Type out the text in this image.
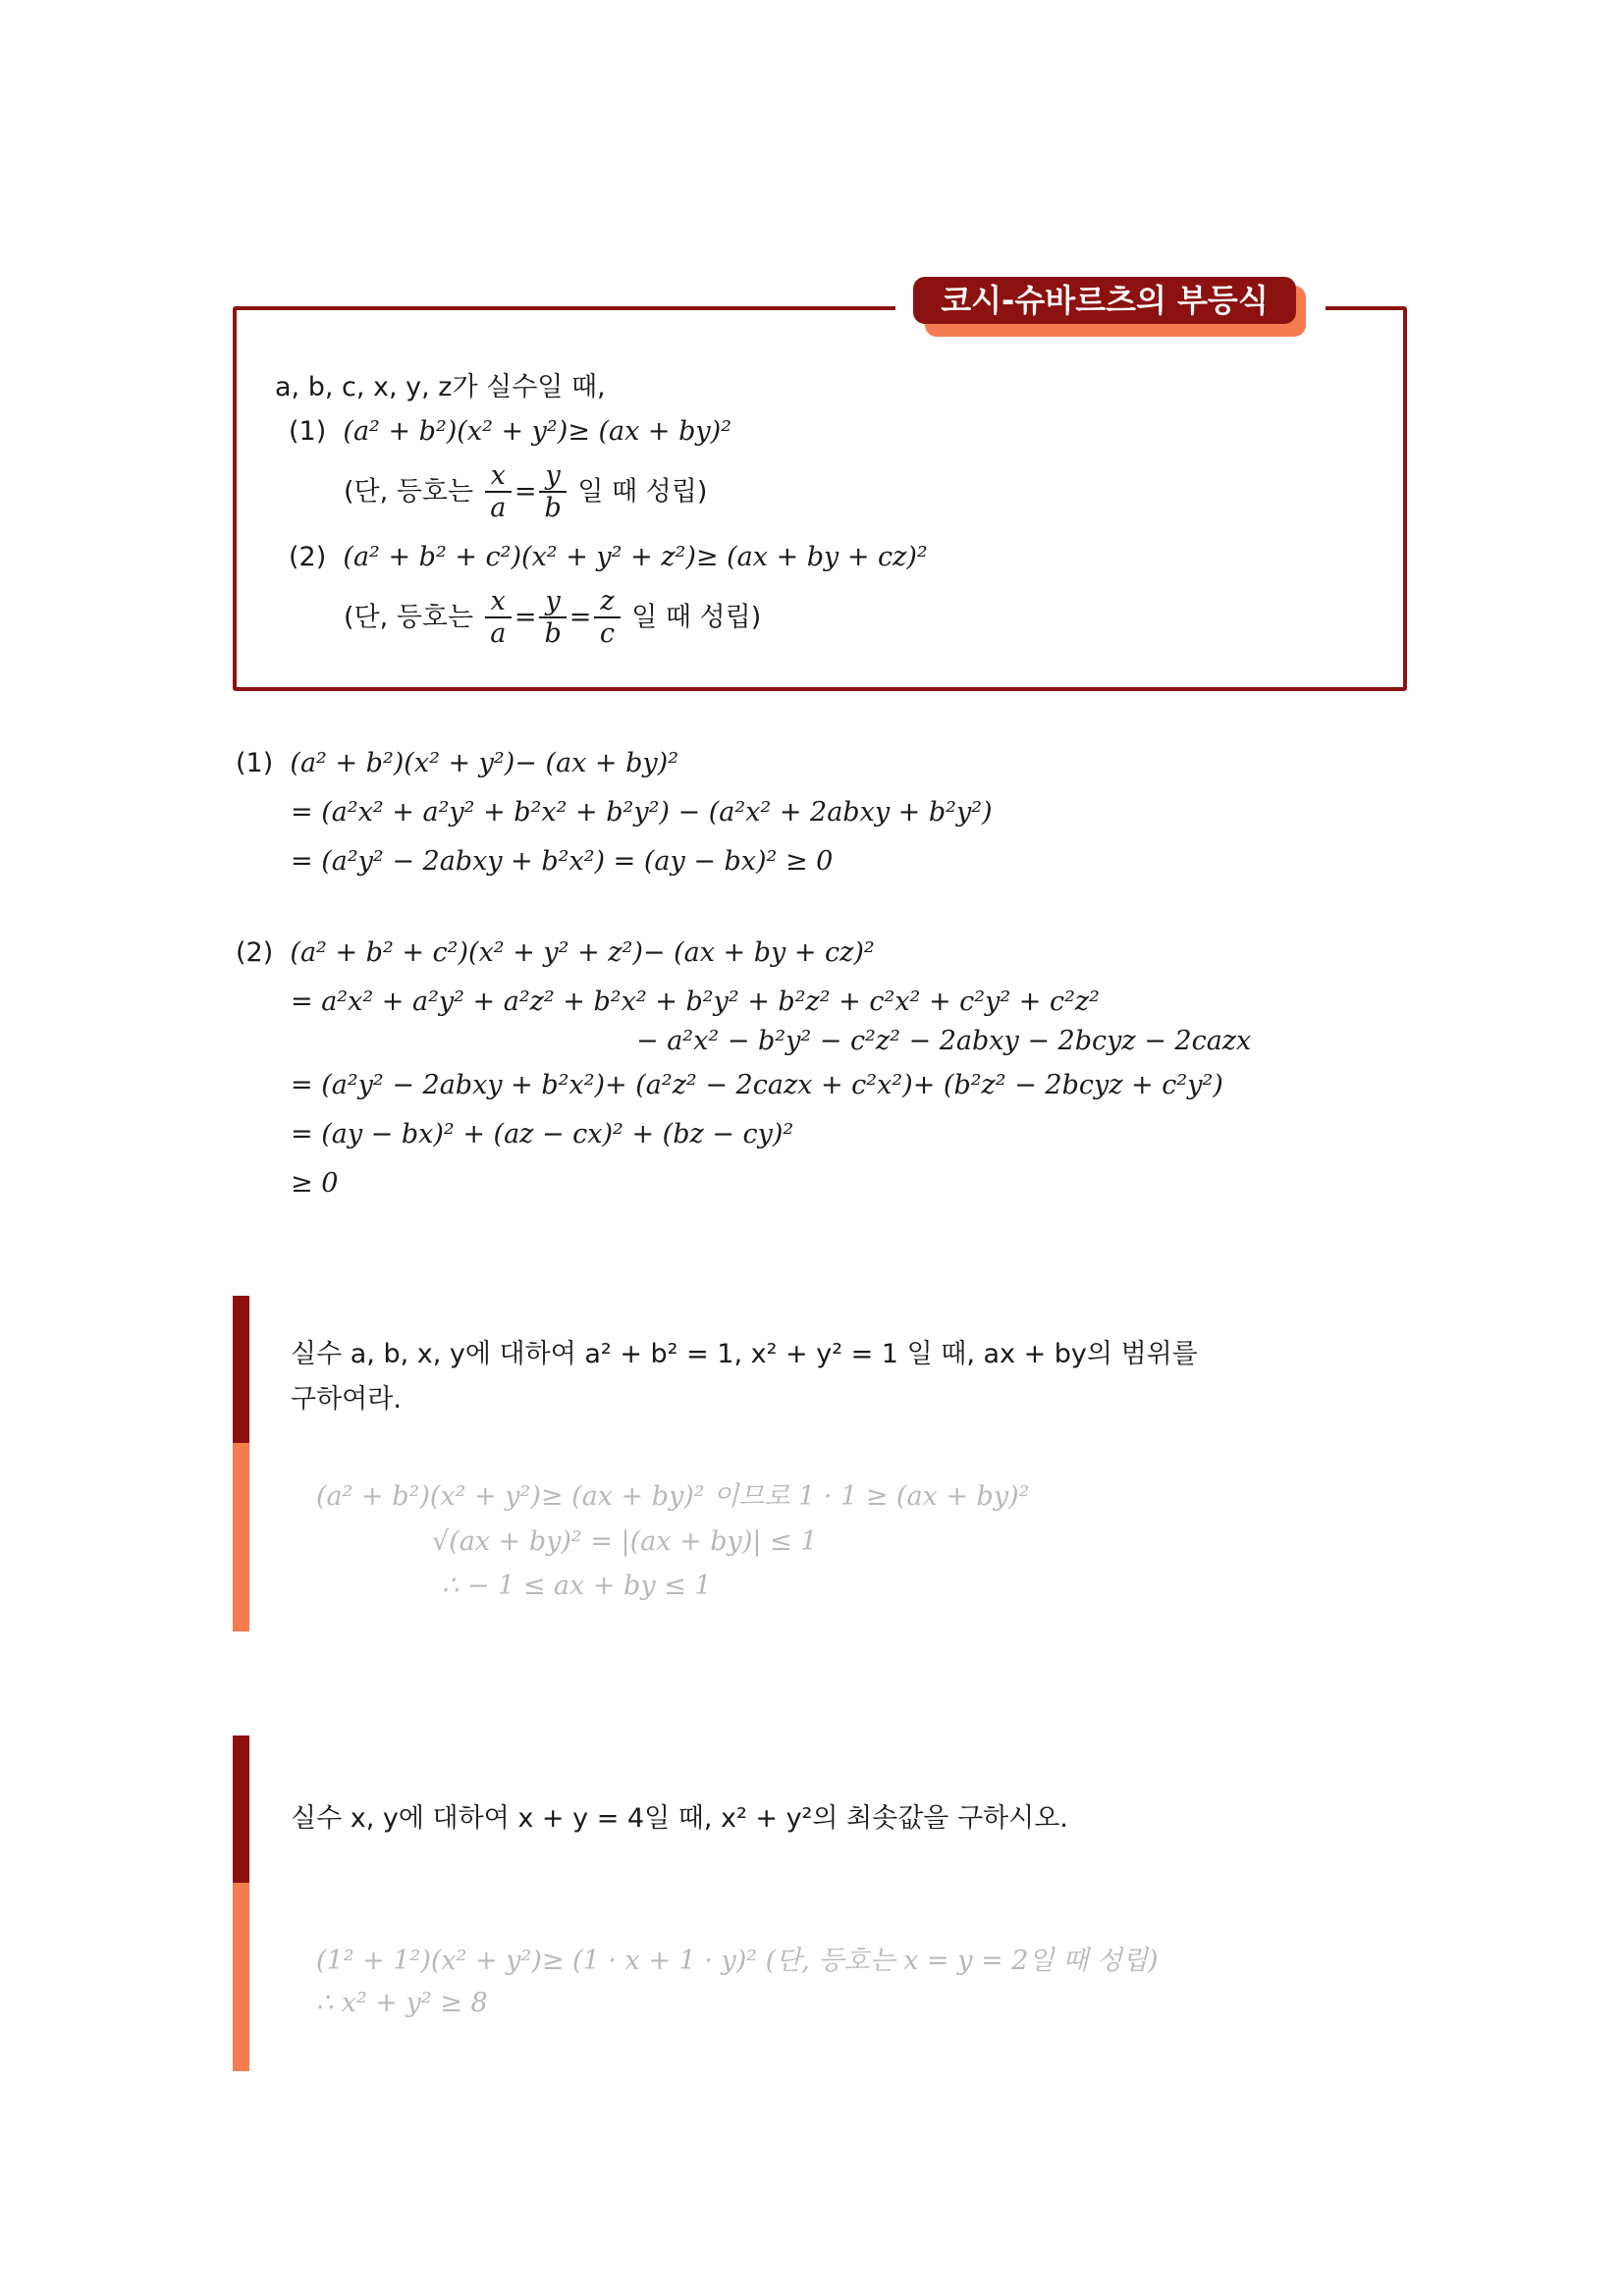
코시-슈바르츠의 부등식
a, b, c, x, y, z가 실수일 때,
(1) (a² + b²)(x² + y²)≥ (ax + by)²
(단, 등호는 $\frac{x}{a} = \frac{y}{b}$ 일 때 성립)
(2) (a² + b² + c²)(x² + y² + z²)≥ (ax + by + cz)²
(단, 등호는 $\frac{x}{a} = \frac{y}{b} = \frac{z}{c}$ 일 때 성립)
(1) (a² + b²)(x² + y²)− (ax + by)²
= (a²x² + a²y² + b²x² + b²y²) − (a²x² + 2abxy + b²y²)
= (a²y² − 2abxy + b²x²) = (ay − bx)² ≥ 0
(2) (a² + b² + c²)(x² + y² + z²)− (ax + by + cz)²
= a²x² + a²y² + a²z² + b²x² + b²y² + b²z² + c²x² + c²y² + c²z²
− a²x² − b²y² − c²z² − 2abxy − 2bcyz − 2cazx
= (a²y² − 2abxy + b²x²)+ (a²z² − 2cazx + c²x²)+ (b²z² − 2bcyz + c²y²)
= (ay − bx)² + (az − cx)² + (bz − cy)²
≥ 0
실수 a, b, x, y에 대하여 a² + b² = 1, x² + y² = 1 일 때, ax + by의 범위를
구하여라.
(a² + b²)(x² + y²)≥ (ax + by)² 이므로 1 · 1 ≥ (ax + by)²
√(ax + by)² = |(ax + by)| ≤ 1
∴ − 1 ≤ ax + by ≤ 1
실수 x, y에 대하여 x + y = 4일 때, x² + y²의 최솟값을 구하시오.
(1² + 1²)(x² + y²)≥ (1 · x + 1 · y)² (단, 등호는 x = y = 2일 때 성립)
∴ x² + y² ≥ 8
